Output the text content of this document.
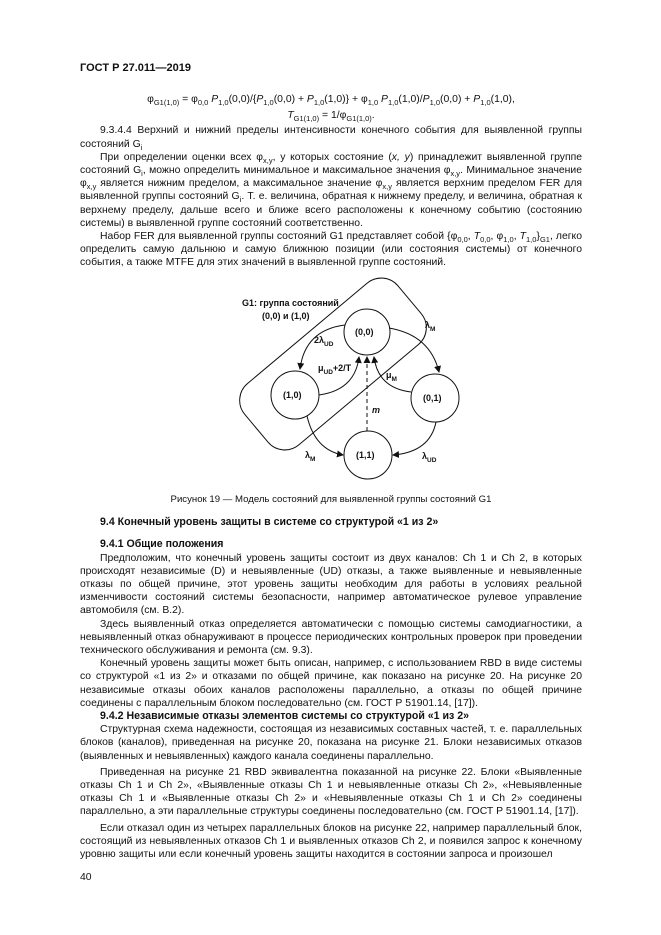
ГОСТ Р 27.011—2019

$\varphi_{G1(1,0)} = \varphi_{0,0}$ $P_{1,0}(0,0)/\{P_{1,0}(0,0) + P_{1,0}(1,0)\} + \varphi_{1,0}$ $P_{1,0}(1,0)/P_{1,0}(0,0) + P_{1,0}(1,0)$,

$T_{G1(1,0)} = 1/\varphi_{G1(1,0)}$.

9.3.4.4 Верхний и нижний пределы интенсивности конечного события для выявленной группы состояний $G_i$

При определении оценки всех $\varphi_{x,y}$, у которых состояние (x, y) принадлежит выявленной группе состояний $G_i$, можно определить минимальное и максимальное значения $\varphi_{x,y}$. Минимальное значение $\varphi_{x,y}$ является нижним пределом, а максимальное значение $\varphi_{x,y}$ является верхним пределом FER для выявленной группы состояний $G_i$. Т. е. величина, обратная к нижнему пределу, и величина, обратная к верхнему пределу, дальше всего и ближе всего расположены к конечному событию (состоянию системы) в выявленной группе состояний соответственно.

Набор FER для выявленной группы состояний G1 представляет собой {$\varphi_{0,0}$, $T_{0,0}$, $\varphi_{1,0}$, $T_{1,0}\}_{G1}$, легко определить самую дальнюю и самую ближнюю позиции (или состояния системы) от конечного события, а также MTFE для этих значений в выявленной группе состояний.

G1: группа состояний
(0,0) и (1,0)
(0,0)
(1,0)	(0,1)
(1,1)
$2\lambda_{UD}$
$\mu_{UD}+2/T$
$\lambda_M$
$\mu_M$
m
$\lambda_M$	$\lambda_{UD}$

Рисунок 19 — Модель состояний для выявленной группы состояний G1

9.4 Конечный уровень защиты в системе со структурой «1 из 2»

9.4.1 Общие положения

Предположим, что конечный уровень защиты состоит из двух каналов: Ch 1 и Ch 2, в которых происходят независимые (D) и невыявленные (UD) отказы, а также выявленные и невыявленные отказы по общей причине, этот уровень защиты необходим для работы в условиях реальной изменчивости состояний системы безопасности, например автоматическое рулевое управление автомобиля (см. В.2).

Здесь выявленный отказ определяется автоматически с помощью системы самодиагностики, а невыявленный отказ обнаруживают в процессе периодических контрольных проверок при проведении технического обслуживания и ремонта (см. 9.3).

Конечный уровень защиты может быть описан, например, с использованием RBD в виде системы со структурой «1 из 2» и отказами по общей причине, как показано на рисунке 20. На рисунке 20 независимые отказы обоих каналов расположены параллельно, а отказы по общей причине соединены с параллельным блоком последовательно (см. ГОСТ Р 51901.14, [17]).

9.4.2 Независимые отказы элементов системы со структурой «1 из 2»

Структурная схема надежности, состоящая из независимых составных частей, т. е. параллельных блоков (каналов), приведенная на рисунке 20, показана на рисунке 21. Блоки независимых отказов (выявленных и невыявленных) каждого канала соединены параллельно.

Приведенная на рисунке 21 RBD эквивалентна показанной на рисунке 22. Блоки «Выявленные отказы Ch 1 и Ch 2», «Выявленные отказы Ch 1 и невыявленные отказы Ch 2», «Невыявленные отказы Ch 1 и «Выявленные отказы Ch 2» и «Невыявленные отказы Ch 1 и Ch 2» соединены параллельно, а эти параллельные структуры соединены последовательно (см. ГОСТ Р 51901.14, [17]).

Если отказал один из четырех параллельных блоков на рисунке 22, например параллельный блок, состоящий из невыявленных отказов Ch 1 и выявленных отказов Ch 2, и появился запрос к конечному уровню защиты или если конечный уровень защиты находится в состоянии запроса и произошел

40
